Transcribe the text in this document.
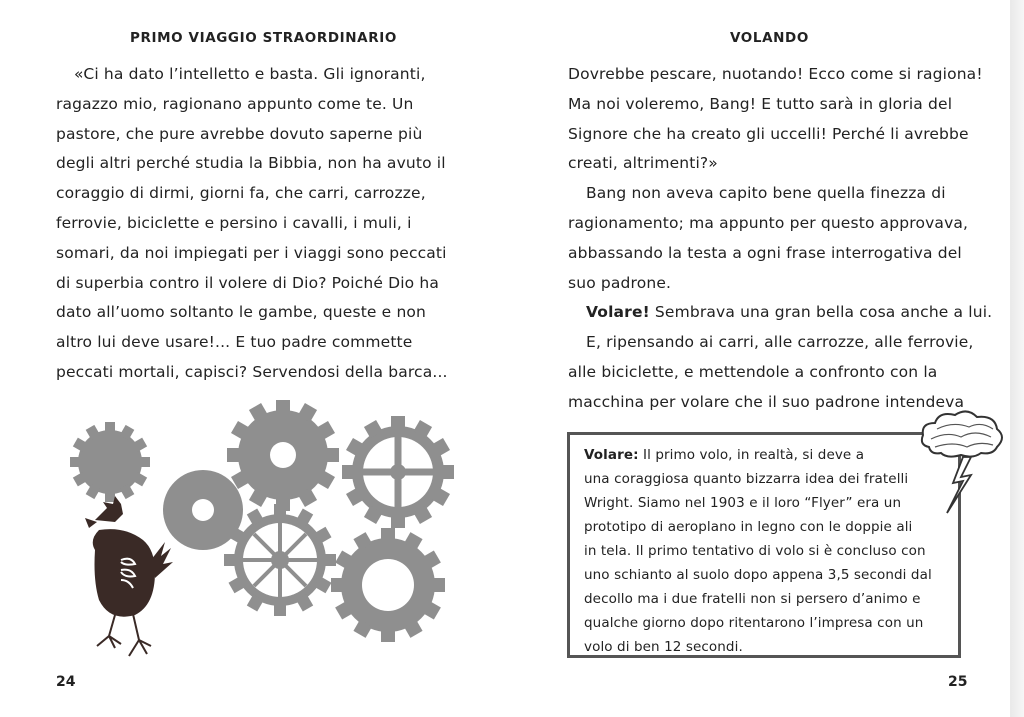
PRIMO VIAGGIO STRAORDINARIO

«Ci ha dato l’intelletto e basta. Gli ignoranti,

ragazzo mio, ragionano appunto come te. Un
pastore, che pure avrebbe dovuto saperne più
degli altri perché studia la Bibbia, non ha avuto il
coraggio di dirmi, giorni fa, che carri, carrozze,
ferrovie, biciclette e persino i cavalli, i muli, i
somari, da noi impiegati per i viaggi sono peccati
di superbia contro il volere di Dio? Poiché Dio ha
dato all’uomo soltanto le gambe, queste e non
altro lui deve usare!... E tuo padre commette
peccati mortali, capisci? Servendosi della barca...

24
VOLANDO

Dovrebbe pescare, nuotando! Ecco come si ragiona!
Ma noi voleremo, Bang! E tutto sarà in gloria del
Signore che ha creato gli uccelli! Perché li avrebbe
creati, altrimenti?»

Bang non aveva capito bene quella finezza di
ragionamento; ma appunto per questo approvava,
abbassando la testa a ogni frase interrogativa del
suo padrone.

Volare! Sembrava una gran bella cosa anche a lui.

E, ripensando ai carri, alle carrozze, alle ferrovie,
alle biciclette, e mettendole a confronto con la
macchina per volare che il suo padrone intendeva

Volare: Il primo volo, in realtà, si deve a
una coraggiosa quanto bizzarra idea dei fratelli
Wright. Siamo nel 1903 e il loro “Flyer” era un
prototipo di aeroplano in legno con le doppie ali
in tela. Il primo tentativo di volo si è concluso con
uno schianto al suolo dopo appena 3,5 secondi dal
decollo ma i due fratelli non si persero d’animo e
qualche giorno dopo ritentarono l’impresa con un
volo di ben 12 secondi.
25
